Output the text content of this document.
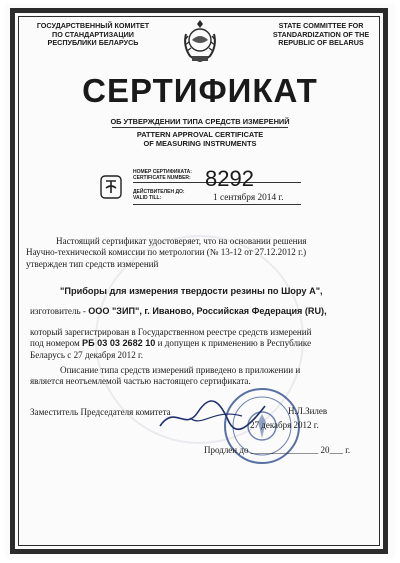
ГОСУДАРСТВЕННЫЙ КОМИТЕТ
ПО СТАНДАРТИЗАЦИИ
РЕСПУБЛИКИ БЕЛАРУСЬ
STATE COMMITTEE FOR
STANDARDIZATION OF THE
REPUBLIC OF BELARUS
СЕРТИФИКАТ
ОБ УТВЕРЖДЕНИИ ТИПА СРЕДСТВ ИЗМЕРЕНИЙ
PATTERN APPROVAL CERTIFICATE
OF MEASURING INSTRUMENTS
НОМЕР СЕРТИФИКАТА:
CERTIFICATE NUMBER: 8292
ДЕЙСТВИТЕЛЕН ДО:
VALID TILL:	1 сентября 2014 г.
Настоящий сертификат удостоверяет, что на основании решения
Научно-технической комиссии по метрологии (№ 13-12 от 27.12.2012 г.)
утвержден тип средств измерений
"Приборы для измерения твердости резины по Шору А",
изготовитель - ООО "ЗИП", г. Иваново, Российская Федерация (RU),
который зарегистрирован в Государственном реестре средств измерений
под номером РБ 03 03 2682 10 и допущен к применению в Республике
Беларусь с 27 декабря 2012 г.
Описание типа средств измерений приведено в приложении и
является неотъемлемой частью настоящего сертификата.
Заместитель Председателя комитета	Н.Л.Зилев
27 декабря 2012 г.
Продлен до _______________ 20___ г.
